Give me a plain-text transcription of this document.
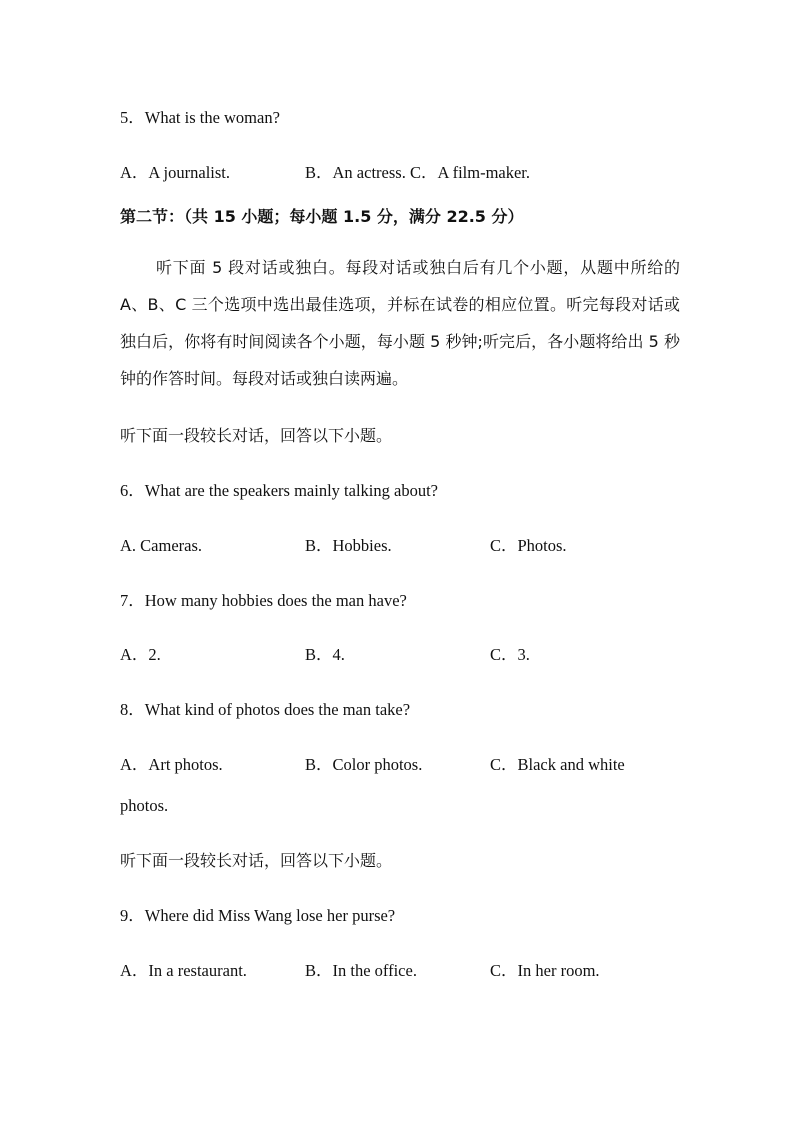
5．What is the woman?
A．A journalist.	B．An actress. C．A film-maker.
第二节：（共 15 小题；每小题 1.5 分，满分 22.5 分）
听下面 5 段对话或独白。每段对话或独白后有几个小题，从题中所给的 A、B、C 三个选项中选出最佳选项，并标在试卷的相应位置。听完每段对话或独白后，你将有时间阅读各个小题，每小题 5 秒钟;听完后，各小题将给出 5 秒钟的作答时间。每段对话或独白读两遍。
听下面一段较长对话，回答以下小题。
6．What are the speakers mainly talking about?
A. Cameras.	B．Hobbies.	C．Photos.
7．How many hobbies does the man have?
A．2.	B．4.	C．3.
8．What kind of photos does the man take?
A．Art photos.	B．Color photos.	C．Black and white
photos.
听下面一段较长对话，回答以下小题。
9．Where did Miss Wang lose her purse?
A．In a restaurant.	B．In the office.	C．In her room.
